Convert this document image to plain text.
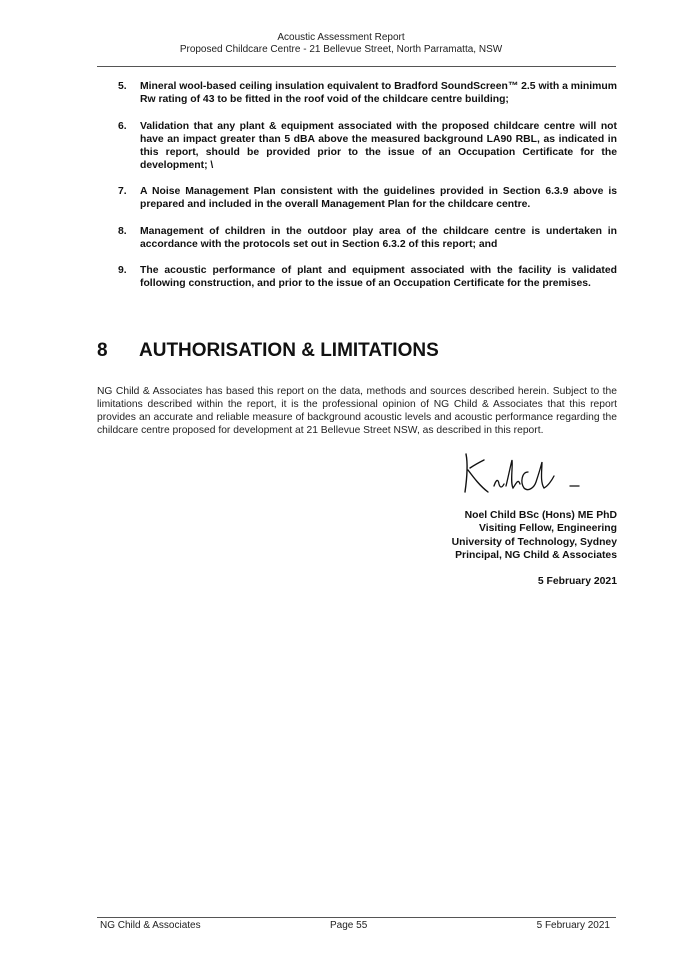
Acoustic Assessment Report
Proposed Childcare Centre - 21 Bellevue Street, North Parramatta, NSW
5.	Mineral wool-based ceiling insulation equivalent to Bradford SoundScreen™ 2.5 with a minimum Rw rating of 43 to be fitted in the roof void of the childcare centre building;
6.	Validation that any plant & equipment associated with the proposed childcare centre will not have an impact greater than 5 dBA above the measured background LA90 RBL, as indicated in this report, should be provided prior to the issue of an Occupation Certificate for the development; \
7.	A Noise Management Plan consistent with the guidelines provided in Section 6.3.9 above is prepared and included in the overall Management Plan for the childcare centre.
8.	Management of children in the outdoor play area of the childcare centre is undertaken in accordance with the protocols set out in Section 6.3.2 of this report; and
9.	The acoustic performance of plant and equipment associated with the facility is validated following construction, and prior to the issue of an Occupation Certificate for the premises.
8 AUTHORISATION & LIMITATIONS

NG Child & Associates has based this report on the data, methods and sources described herein. Subject to the limitations described within the report, it is the professional opinion of NG Child & Associates that this report provides an accurate and reliable measure of background acoustic levels and acoustic performance regarding the childcare centre proposed for development at 21 Bellevue Street NSW, as described in this report.

Noel Child BSc (Hons) ME PhD
Visiting Fellow, Engineering
University of Technology, Sydney
Principal, NG Child & Associates
5 February 2021
NG Child & Associates	Page 55	5 February 2021
